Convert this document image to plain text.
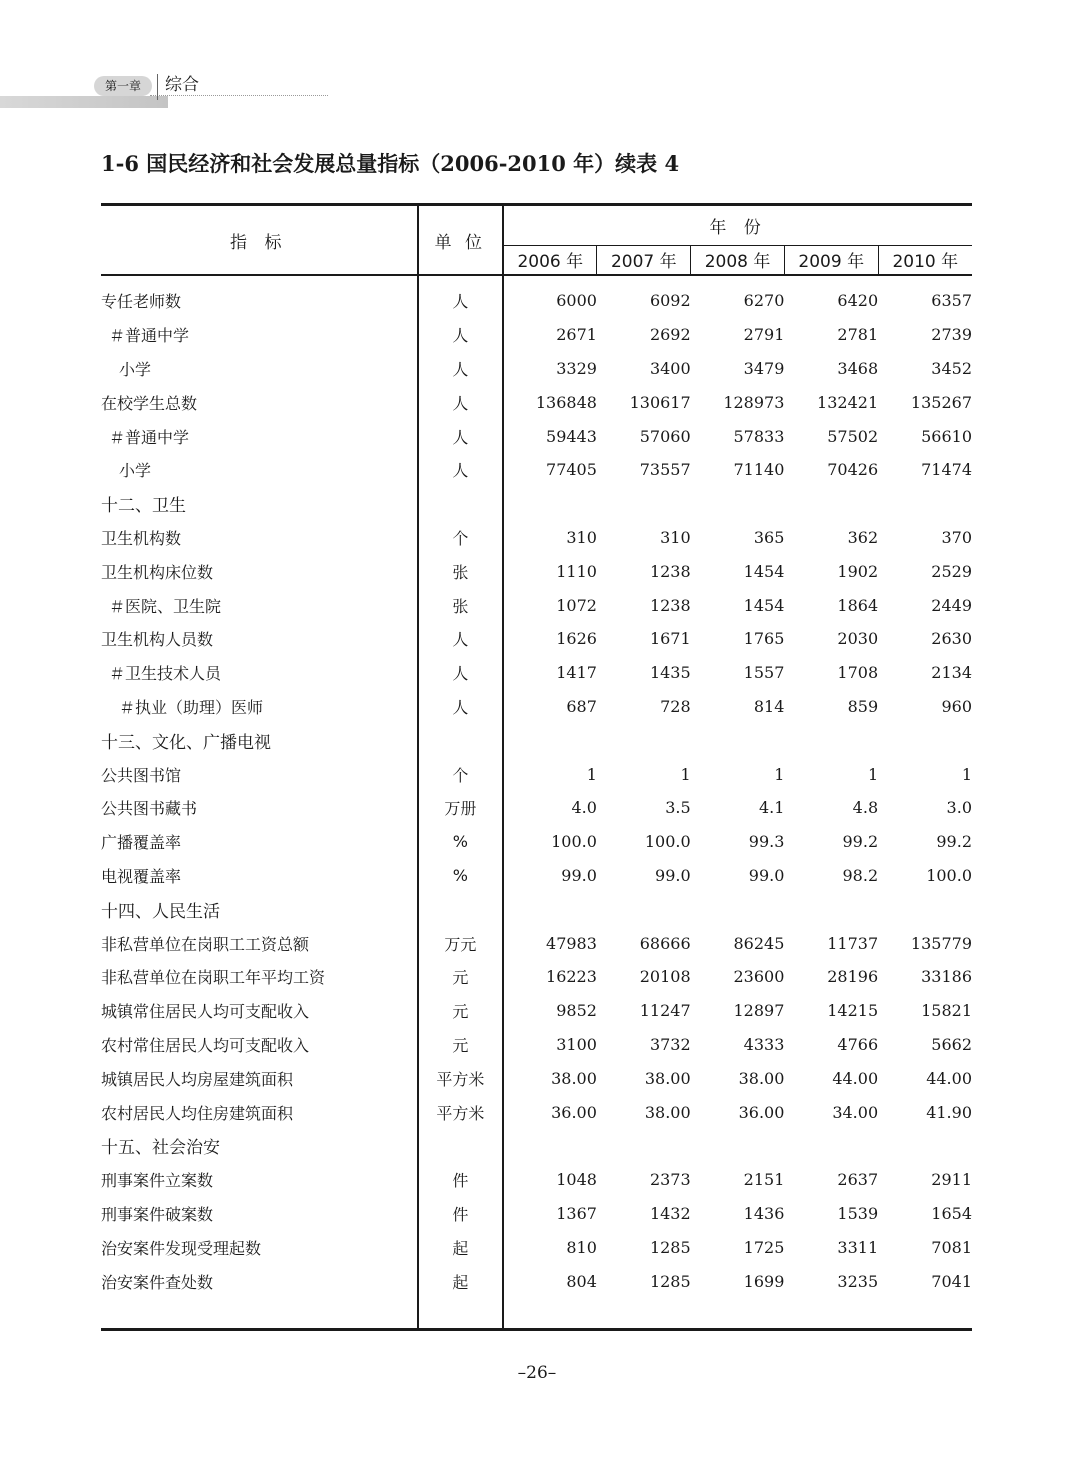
第一章	综合
1-6 国民经济和社会发展总量指标（2006-2010 年）续表 4
指 标	单 位	年 份				
		2006 年	2007 年	2008 年	2009 年	2010 年
专任老师数	人	6000	6092	6270	6420	6357
＃普通中学	人	2671	2692	2791	2781	2739
小学	人	3329	3400	3479	3468	3452
在校学生总数	人	136848	130617	128973	132421	135267
＃普通中学	人	59443	57060	57833	57502	56610
小学	人	77405	73557	71140	70426	71474
十二、卫生						
卫生机构数	个	310	310	365	362	370
卫生机构床位数	张	1110	1238	1454	1902	2529
＃医院、卫生院	张	1072	1238	1454	1864	2449
卫生机构人员数	人	1626	1671	1765	2030	2630
＃卫生技术人员	人	1417	1435	1557	1708	2134
＃执业（助理）医师	人	687	728	814	859	960
十三、文化、广播电视						
公共图书馆	个	1	1	1	1	1
公共图书藏书	万册	4.0	3.5	4.1	4.8	3.0
广播覆盖率	%	100.0	100.0	99.3	99.2	99.2
电视覆盖率	%	99.0	99.0	99.0	98.2	100.0
十四、人民生活						
非私营单位在岗职工工资总额	万元	47983	68666	86245	11737	135779
非私营单位在岗职工年平均工资	元	16223	20108	23600	28196	33186
城镇常住居民人均可支配收入	元	9852	11247	12897	14215	15821
农村常住居民人均可支配收入	元	3100	3732	4333	4766	5662
城镇居民人均房屋建筑面积	平方米	38.00	38.00	38.00	44.00	44.00
农村居民人均住房建筑面积	平方米	36.00	38.00	36.00	34.00	41.90
十五、社会治安						
刑事案件立案数	件	1048	2373	2151	2637	2911
刑事案件破案数	件	1367	1432	1436	1539	1654
治安案件发现受理起数	起	810	1285	1725	3311	7081
治安案件查处数	起	804	1285	1699	3235	7041

–26–
